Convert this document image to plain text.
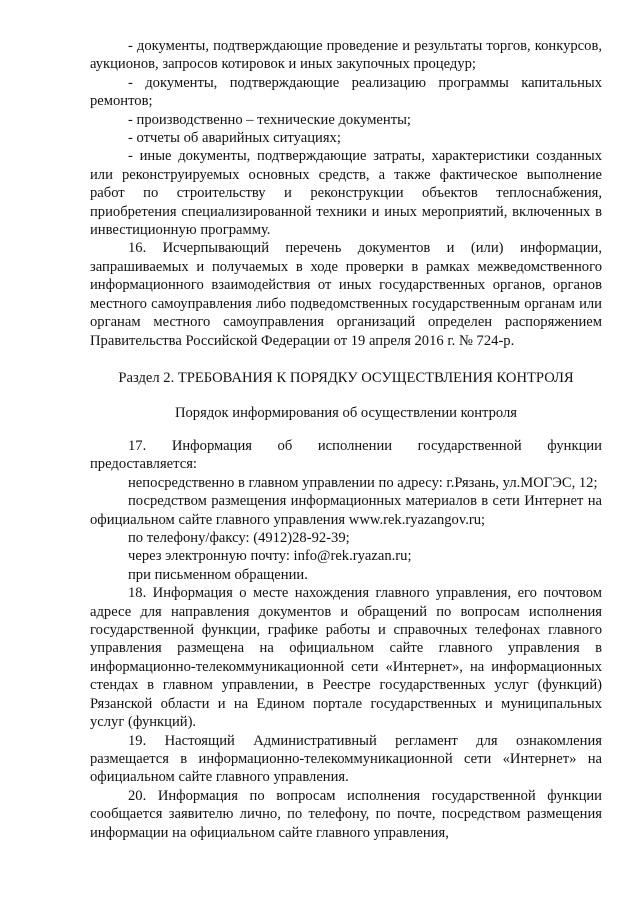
- документы, подтверждающие проведение и результаты торгов, конкурсов, аукционов, запросов котировок и иных закупочных процедур;

- документы, подтверждающие реализацию программы капитальных ремонтов;

- производственно – технические документы;

- отчеты об аварийных ситуациях;

- иные документы, подтверждающие затраты, характеристики созданных или реконструируемых основных средств, а также фактическое выполнение работ по строительству и реконструкции объектов теплоснабжения, приобретения специализированной техники и иных мероприятий, включенных в инвестиционную программу.

16. Исчерпывающий перечень документов и (или) информации, запрашиваемых и получаемых в ходе проверки в рамках межведомственного информационного взаимодействия от иных государственных органов, органов местного самоуправления либо подведомственных государственным органам или органам местного самоуправления организаций определен распоряжением Правительства Российской Федерации от 19 апреля 2016 г. № 724-р.

Раздел 2. ТРЕБОВАНИЯ К ПОРЯДКУ ОСУЩЕСТВЛЕНИЯ КОНТРОЛЯ
Порядок информирования об осуществлении контроля

17. Информация об исполнении государственной функции предоставляется:

непосредственно в главном управлении по адресу: г.Рязань, ул.МОГЭС, 12;

посредством размещения информационных материалов в сети Интернет на официальном сайте главного управления www.rek.ryazangov.ru;

по телефону/факсу: (4912)28-92-39;

через электронную почту: info@rek.ryazan.ru;

при письменном обращении.

18. Информация о месте нахождения главного управления, его почтовом адресе для направления документов и обращений по вопросам исполнения государственной функции, графике работы и справочных телефонах главного управления размещена на официальном сайте главного управления в информационно-телекоммуникационной сети «Интернет», на информационных стендах в главном управлении, в Реестре государственных услуг (функций) Рязанской области и на Едином портале государственных и муниципальных услуг (функций).

19. Настоящий Административный регламент для ознакомления размещается в информационно-телекоммуникационной сети «Интернет» на официальном сайте главного управления.

20. Информация по вопросам исполнения государственной функции сообщается заявителю лично, по телефону, по почте, посредством размещения информации на официальном сайте главного управления,
